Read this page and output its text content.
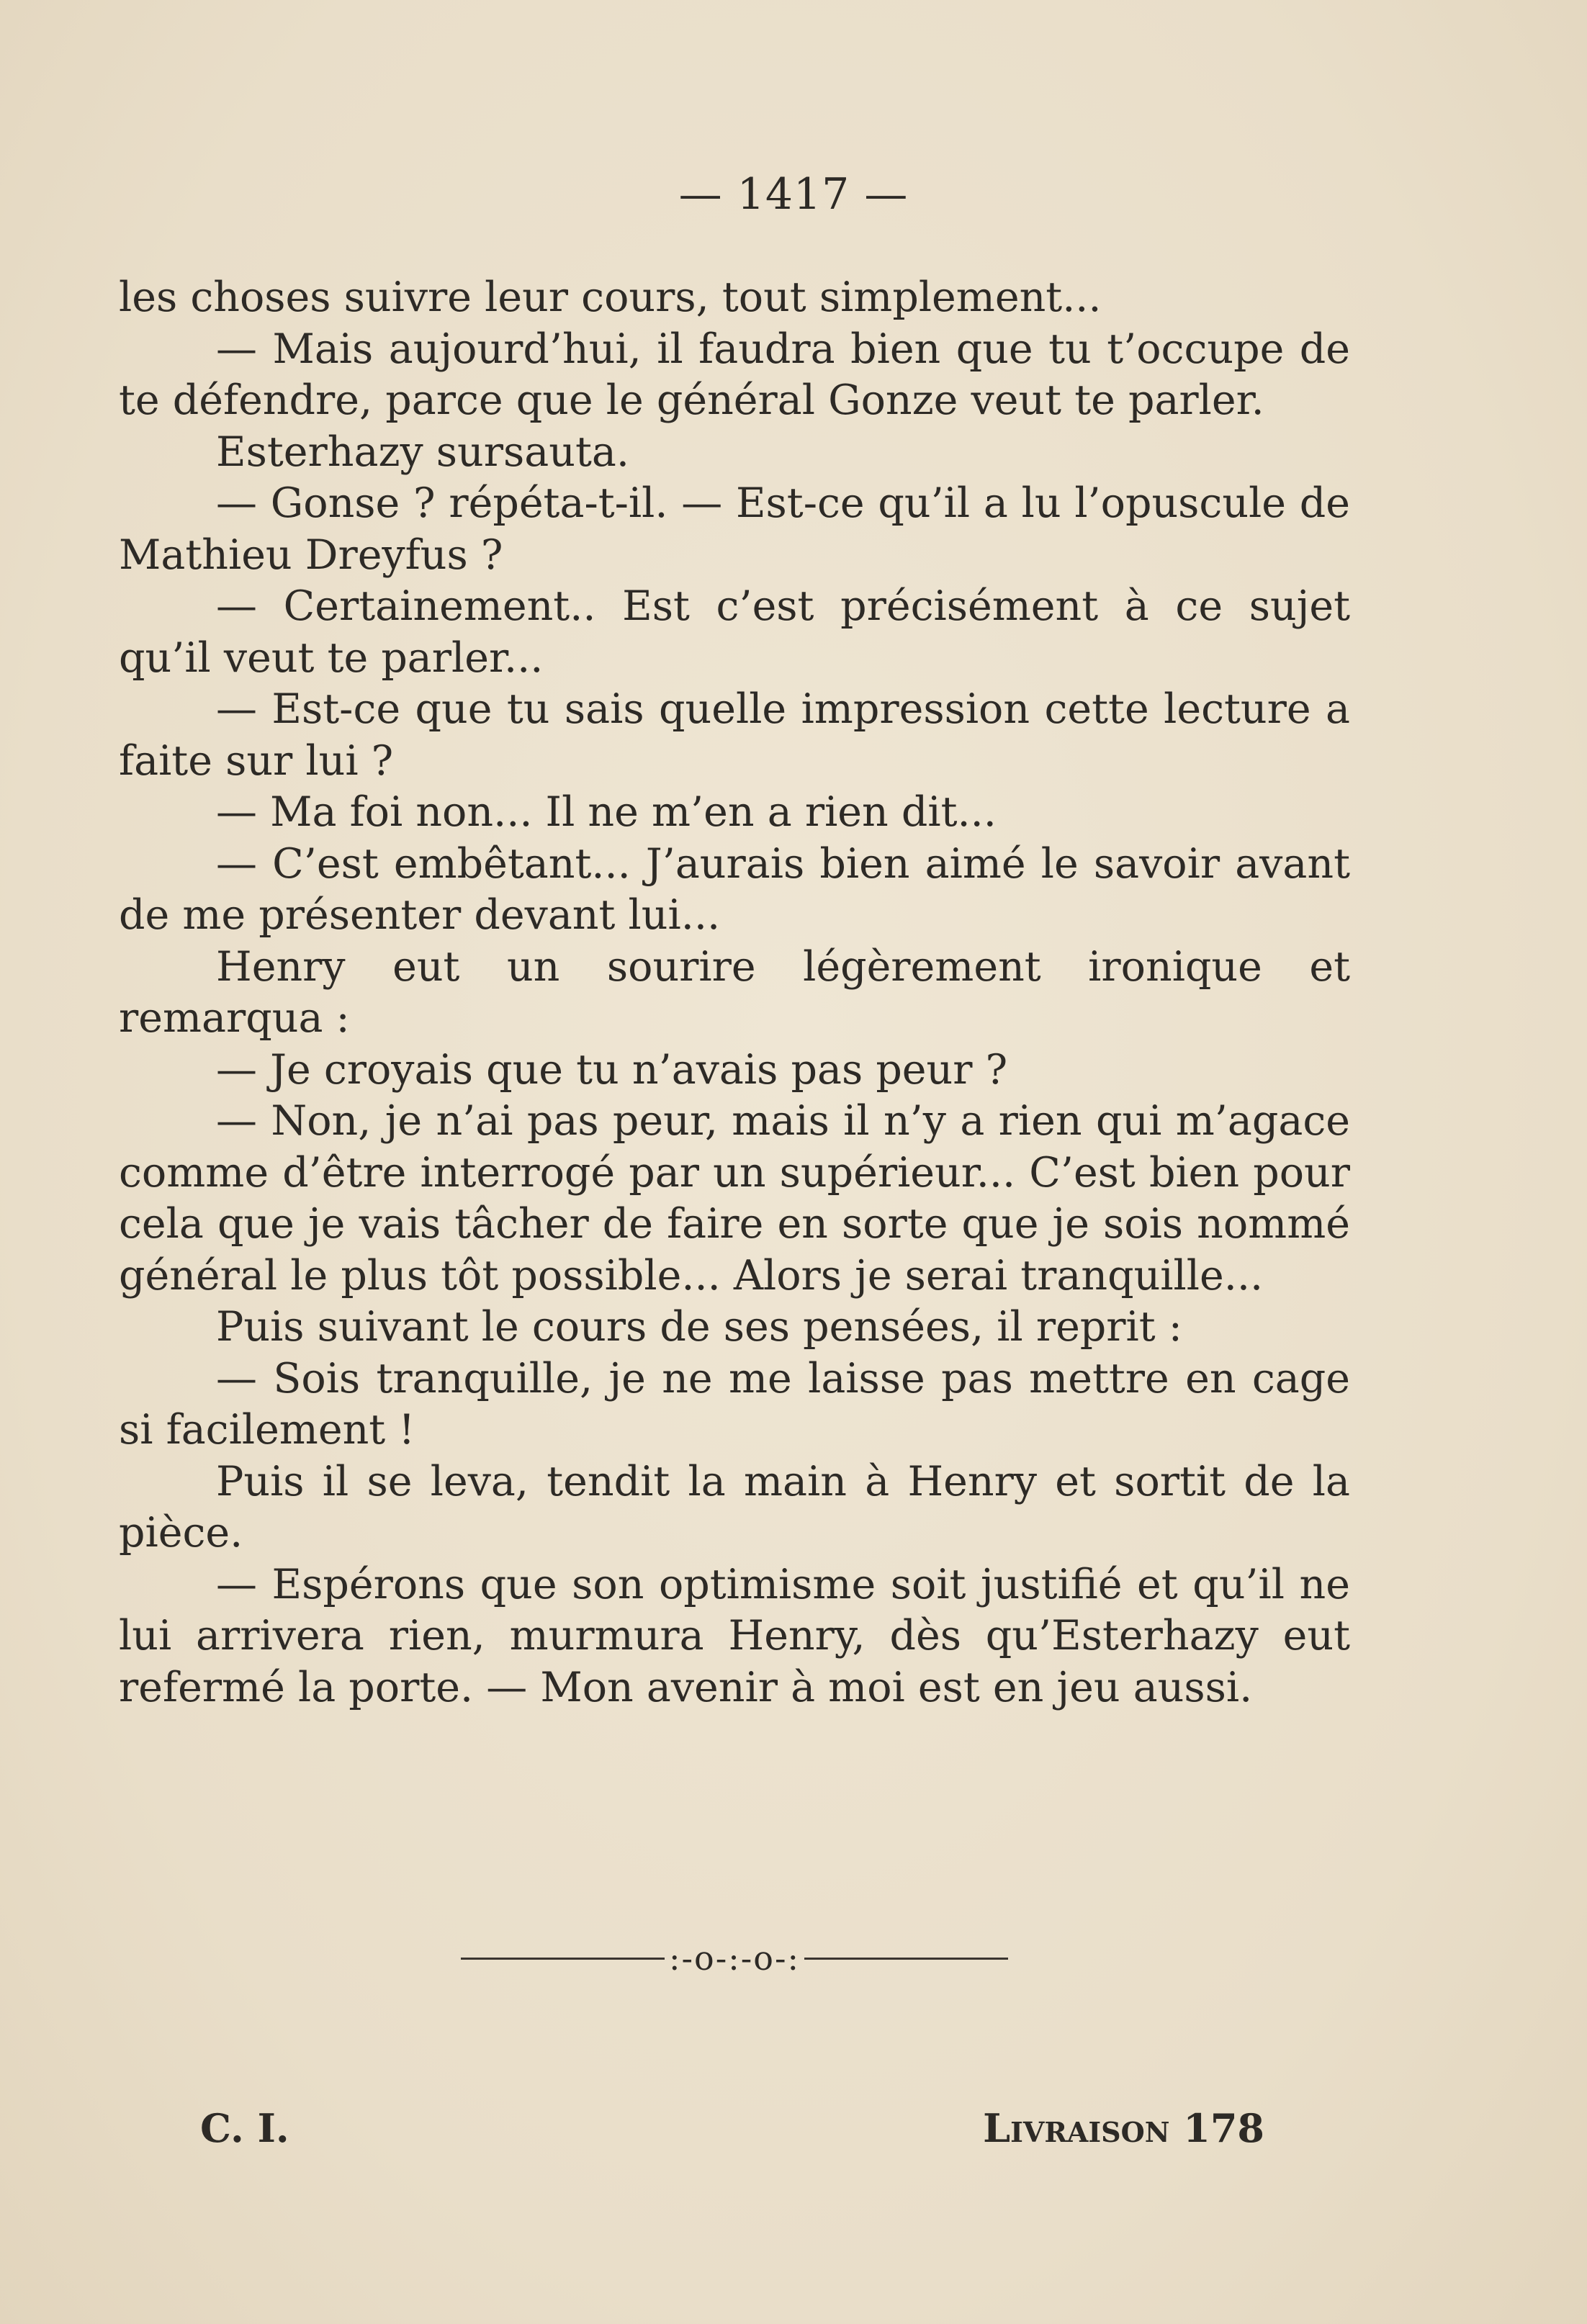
— 1417 —

les choses suivre leur cours, tout simplement...

— Mais aujourd’hui, il faudra bien que tu t’occupe de te défendre, parce que le général Gonze veut te parler.

Esterhazy sursauta.

— Gonse ? répéta-t-il. — Est-ce qu’il a lu l’opuscule de Mathieu Dreyfus ?

— Certainement.. Est c’est précisément à ce sujet qu’il veut te parler...

— Est-ce que tu sais quelle impression cette lecture a faite sur lui ?

— Ma foi non... Il ne m’en a rien dit...

— C’est embêtant... J’aurais bien aimé le savoir avant de me présenter devant lui...

Henry eut un sourire légèrement ironique et remarqua :

— Je croyais que tu n’avais pas peur ?

— Non, je n’ai pas peur, mais il n’y a rien qui m’agace comme d’être interrogé par un supérieur... C’est bien pour cela que je vais tâcher de faire en sorte que je sois nommé général le plus tôt possible... Alors je serai tranquille...

Puis suivant le cours de ses pensées, il reprit :

— Sois tranquille, je ne me laisse pas mettre en cage si facilement !

Puis il se leva, tendit la main à Henry et sortit de la pièce.

— Espérons que son optimisme soit justifié et qu’il ne lui arrivera rien, murmura Henry, dès qu’Esterhazy eut refermé la porte. — Mon avenir à moi est en jeu aussi.

:-o-:-o-:
C. I.	Livraison 178
